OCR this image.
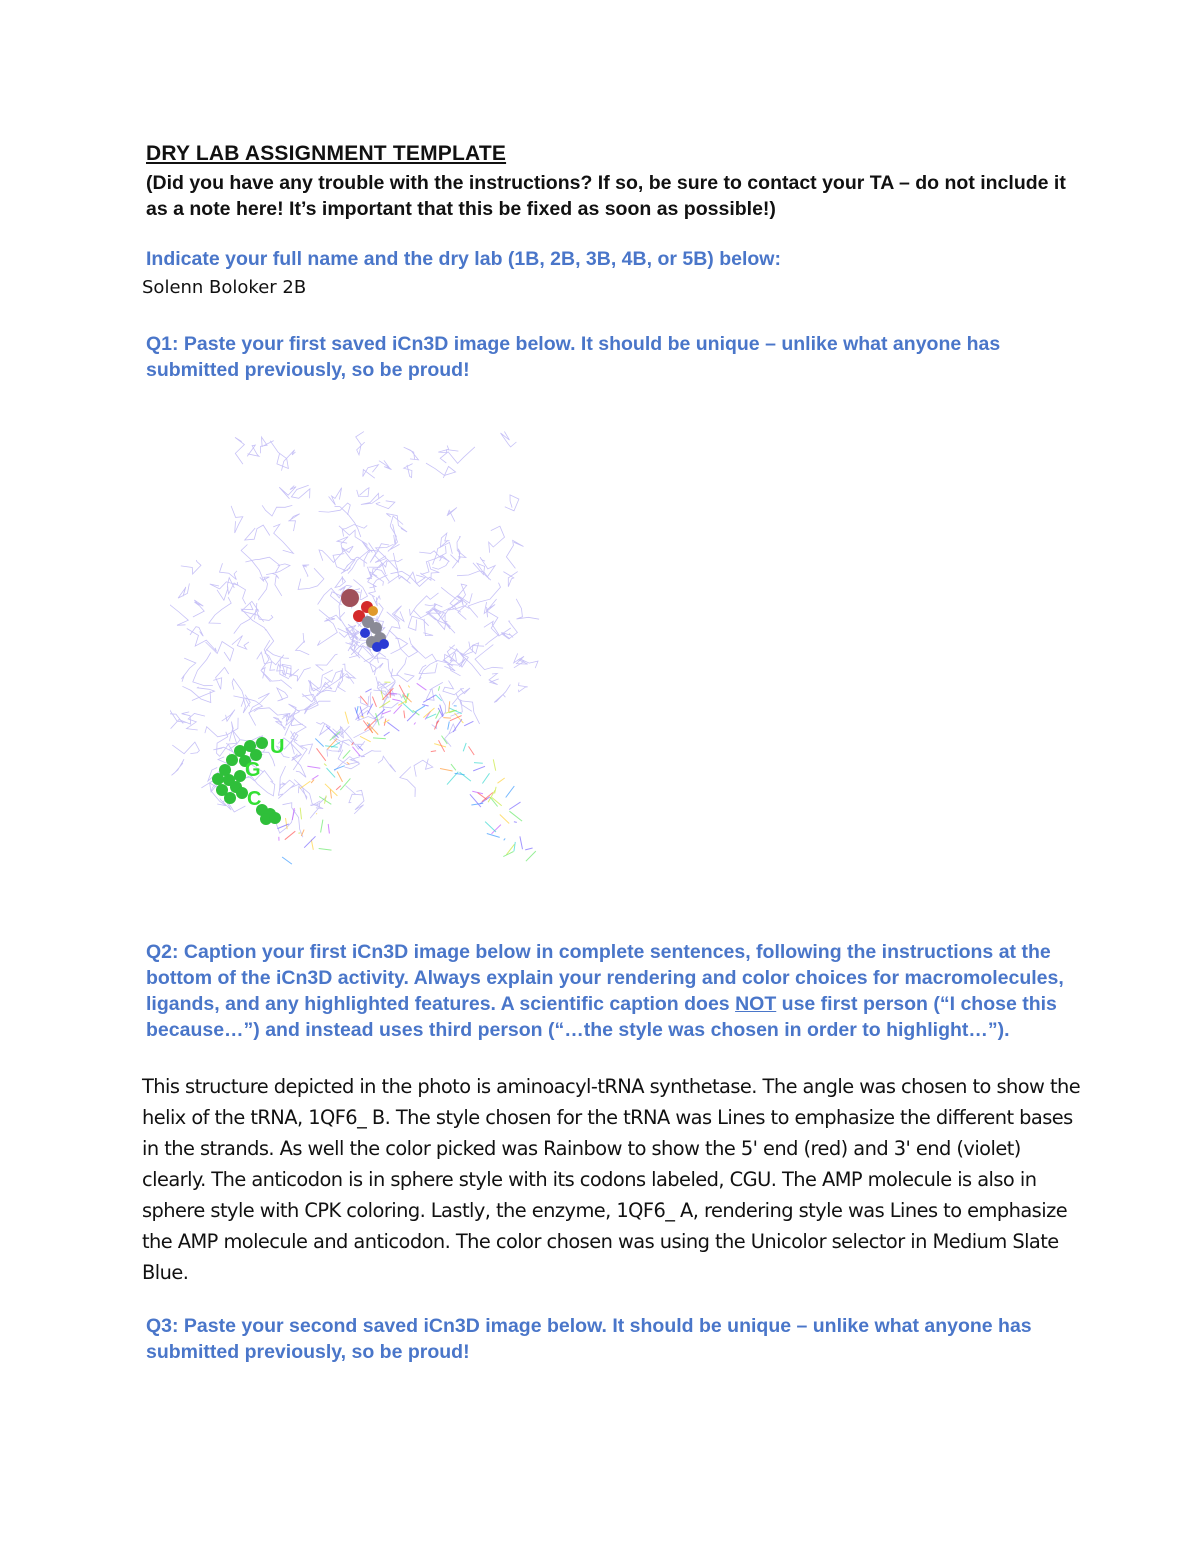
DRY LAB ASSIGNMENT TEMPLATE

(Did you have any trouble with the instructions? If so, be sure to contact your TA – do not include it as a note here! It’s important that this be fixed as soon as possible!)

Indicate your full name and the dry lab (1B, 2B, 3B, 4B, or 5B) below:

Solenn Boloker 2B

Q1: Paste your first saved iCn3D image below. It should be unique – unlike what anyone has submitted previously, so be proud!

U
G
C

Q2: Caption your first iCn3D image below in complete sentences, following the instructions at the bottom of the iCn3D activity. Always explain your rendering and color choices for macromolecules, ligands, and any highlighted features. A scientific caption does NOT use first person (“I chose this because…”) and instead uses third person (“…the style was chosen in order to highlight…”).

This structure depicted in the photo is aminoacyl-tRNA synthetase. The angle was chosen to show the helix of the tRNA, 1QF6_ B. The style chosen for the tRNA was Lines to emphasize the different bases in the strands. As well the color picked was Rainbow to show the 5' end (red) and 3' end (violet) clearly. The anticodon is in sphere style with its codons labeled, CGU. The AMP molecule is also in sphere style with CPK coloring. Lastly, the enzyme, 1QF6_ A, rendering style was Lines to emphasize the AMP molecule and anticodon. The color chosen was using the Unicolor selector in Medium Slate Blue.

Q3: Paste your second saved iCn3D image below. It should be unique – unlike what anyone has submitted previously, so be proud!
